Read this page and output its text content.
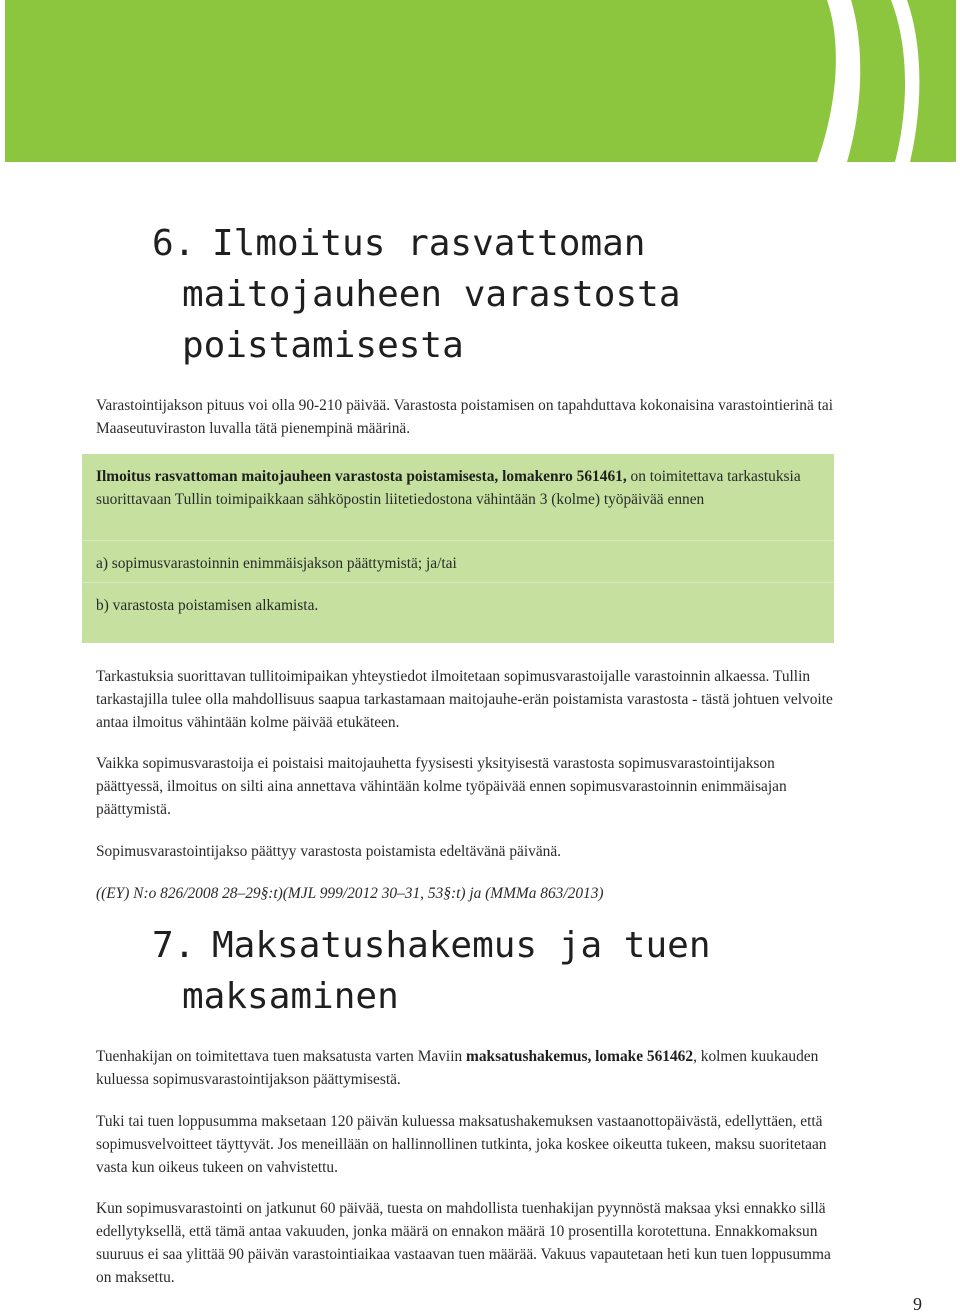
6. Ilmoitus rasvattoman
maitojauheen varastosta
poistamisesta

Varastointijakson pituus voi olla 90-210 päivää. Varastosta poistamisen on tapahduttava kokonaisina varastointierinä tai Maaseutuviraston luvalla tätä pienempinä määrinä.

Ilmoitus rasvattoman maitojauheen varastosta poistamisesta, lomakenro 561461, on toimitettava tarkastuksia suorittavaan Tullin toimipaikkaan sähköpostin liitetiedostona vähintään 3 (kolme) työpäivää ennen

a) sopimusvarastoinnin enimmäisjakson päättymistä; ja/tai

b) varastosta poistamisen alkamista.

Tarkastuksia suorittavan tullitoimipaikan yhteystiedot ilmoitetaan sopimusvarastoijalle varastoinnin alkaessa. Tullin tarkastajilla tulee olla mahdollisuus saapua tarkastamaan maitojauhe-erän poistamista varastosta - tästä johtuen velvoite antaa ilmoitus vähintään kolme päivää etukäteen.

Vaikka sopimusvarastoija ei poistaisi maitojauhetta fyysisesti yksityisestä varastosta sopimusvarastointijakson päättyessä, ilmoitus on silti aina annettava vähintään kolme työpäivää ennen sopimusvarastoinnin enimmäisajan päättymistä.

Sopimusvarastointijakso päättyy varastosta poistamista edeltävänä päivänä.

((EY) N:o 826/2008 28–29§:t)(MJL 999/2012 30–31, 53§:t) ja (MMMa 863/2013)

7. Maksatushakemus ja tuen
maksaminen

Tuenhakijan on toimitettava tuen maksatusta varten Maviin maksatushakemus, lomake 561462, kolmen kuukauden kuluessa sopimusvarastointijakson päättymisestä.

Tuki tai tuen loppusumma maksetaan 120 päivän kuluessa maksatushakemuksen vastaanottopäivästä, edellyttäen, että sopimusvelvoitteet täyttyvät. Jos meneillään on hallinnollinen tutkinta, joka koskee oikeutta tukeen, maksu suoritetaan vasta kun oikeus tukeen on vahvistettu.

Kun sopimusvarastointi on jatkunut 60 päivää, tuesta on mahdollista tuenhakijan pyynnöstä maksaa yksi ennakko sillä edellytyksellä, että tämä antaa vakuuden, jonka määrä on ennakon määrä 10 prosentilla korotettuna. Ennakkomaksun suuruus ei saa ylittää 90 päivän varastointiaikaa vastaavan tuen määrää. Vakuus vapautetaan heti kun tuen loppusumma on maksettu.

9
